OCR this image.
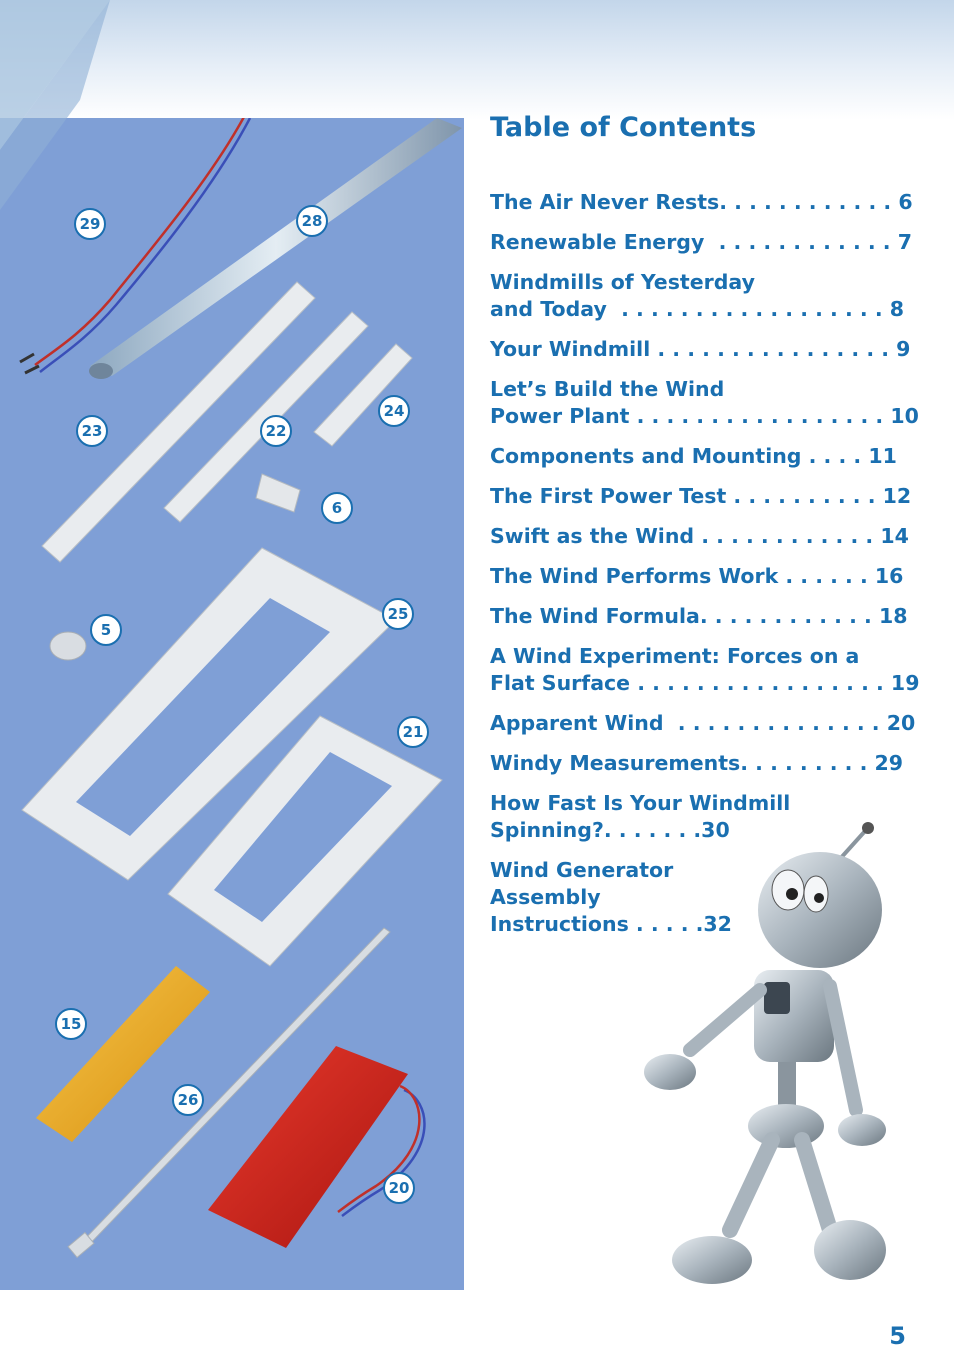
29	28
23	22
24
6
5
25
21
15
26
20
Table of Contents
The Air Never Rests. . . . . . . . . . . . 6
Renewable Energy  . . . . . . . . . . . . 7
Windmills of Yesterday
and Today  . . . . . . . . . . . . . . . . . . 8
Your Windmill . . . . . . . . . . . . . . . . 9
Let’s Build the Wind
Power Plant . . . . . . . . . . . . . . . . . 10
Components and Mounting . . . . 11
The First Power Test . . . . . . . . . . 12
Swift as the Wind . . . . . . . . . . . . 14
The Wind Performs Work . . . . . . 16
The Wind Formula. . . . . . . . . . . . 18
A Wind Experiment: Forces on a
Flat Surface . . . . . . . . . . . . . . . . . 19
Apparent Wind  . . . . . . . . . . . . . . 20
Windy Measurements. . . . . . . . . 29
How Fast Is Your Windmill
Spinning?. . . . . . .30
Wind Generator
Assembly
Instructions . . . . .32
5
